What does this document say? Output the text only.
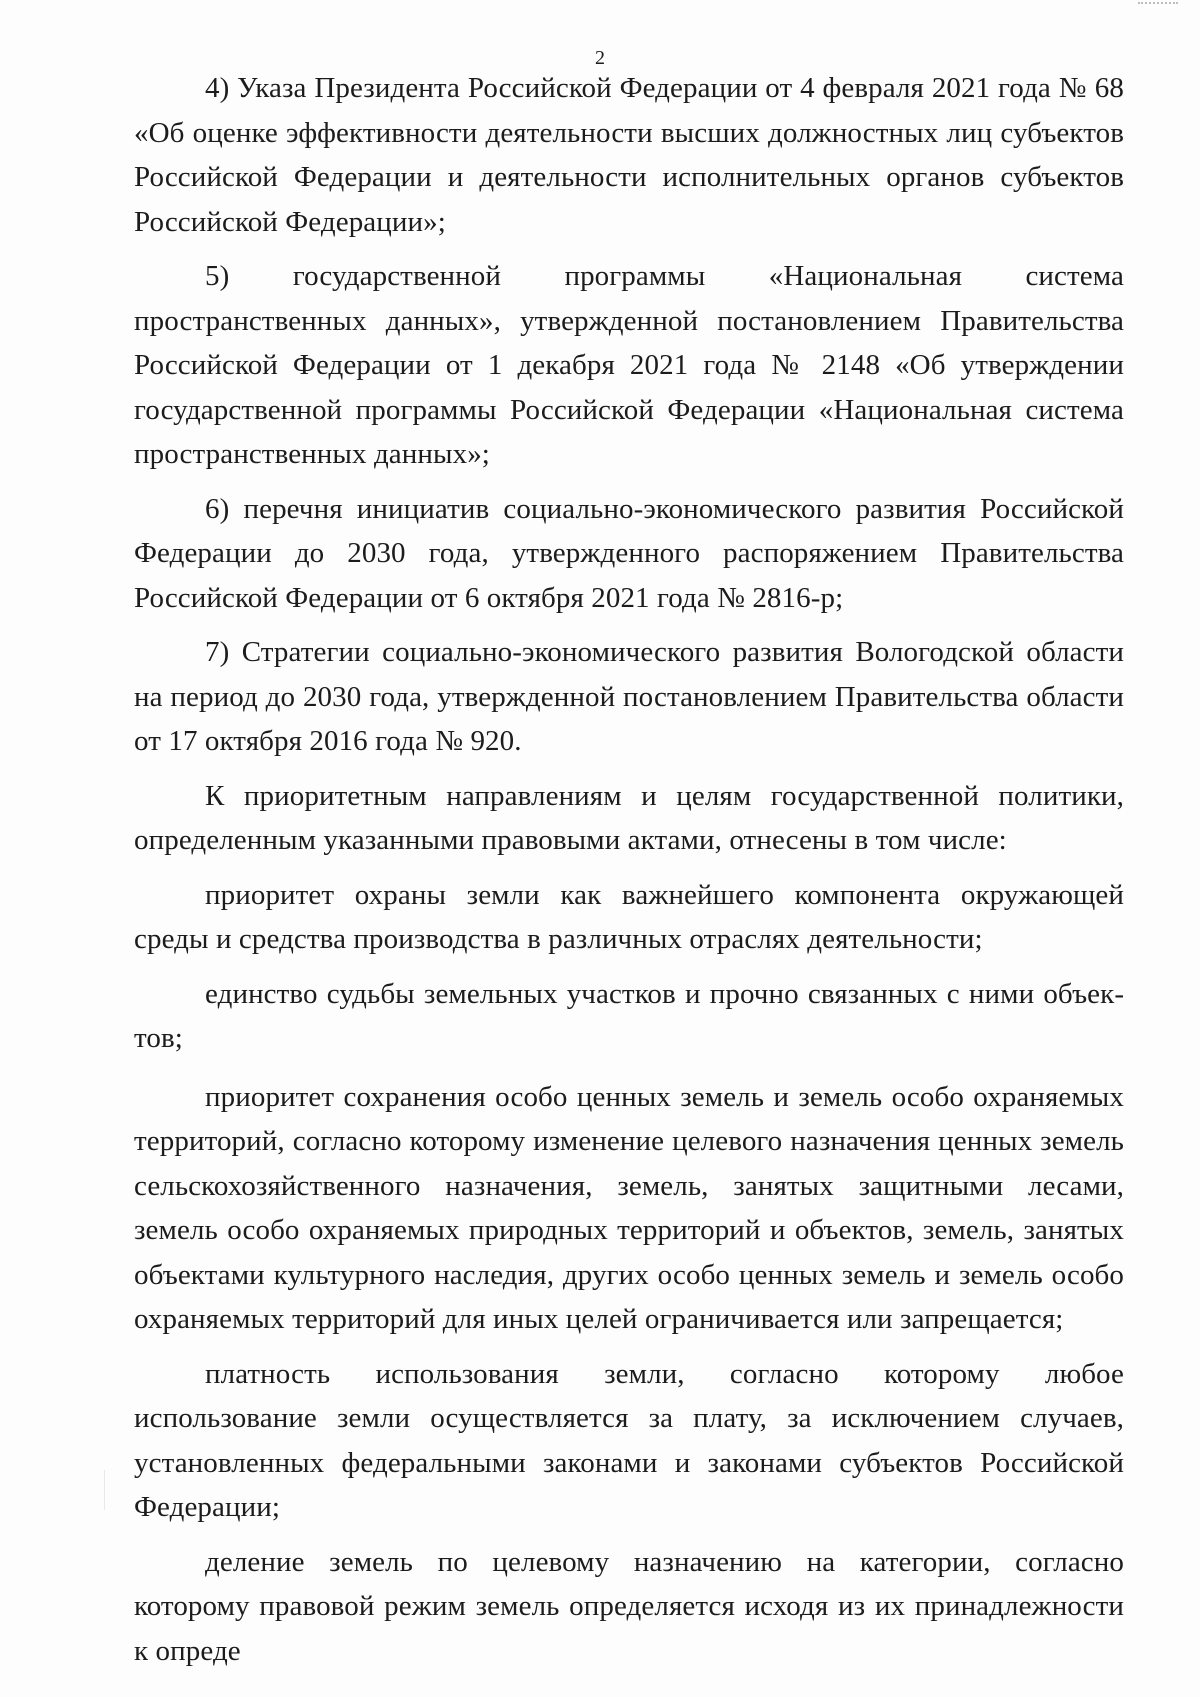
2

4) Указа Президента Российской Федерации от 4 февраля 2021 года № 68 «Об оценке эффективности деятельности высших должностных лиц субъектов Российской Федерации и деятельности исполнительных органов субъектов Российской Федерации»;

5) государственной программы «Национальная система пространственных данных», утвержденной постановлением Правительства Российской Федерации от 1 декабря 2021 года № 2148 «Об утверждении государственной программы Российской Федерации «Национальная система пространственных данных»;

6) перечня инициатив социально-экономического развития Российской Федерации до 2030 года, утвержденного распоряжением Правительства Российской Федерации от 6 октября 2021 года № 2816-р;

7) Стратегии социально-экономического развития Вологодской области на период до 2030 года, утвержденной постановлением Правительства области от 17 октября 2016 года № 920.

К приоритетным направлениям и целям государственной политики, определенным указанными правовыми актами, отнесены в том числе:

приоритет охраны земли как важнейшего компонента окружающей среды и средства производства в различных отраслях деятельности;

единство судьбы земельных участков и прочно связанных с ними объектов;

приоритет сохранения особо ценных земель и земель особо охраняемых территорий, согласно которому изменение целевого назначения ценных земель сельскохозяйственного назначения, земель, занятых защитными лесами, земель особо охраняемых природных территорий и объектов, земель, занятых объектами культурного наследия, других особо ценных земель и земель особо охраняемых территорий для иных целей ограничивается или запрещается;

платность использования земли, согласно которому любое использование земли осуществляется за плату, за исключением случаев, установленных федеральными законами и законами субъектов Российской Федерации;

деление земель по целевому назначению на категории, согласно которому правовой режим земель определяется исходя из их принадлежности к опреде
